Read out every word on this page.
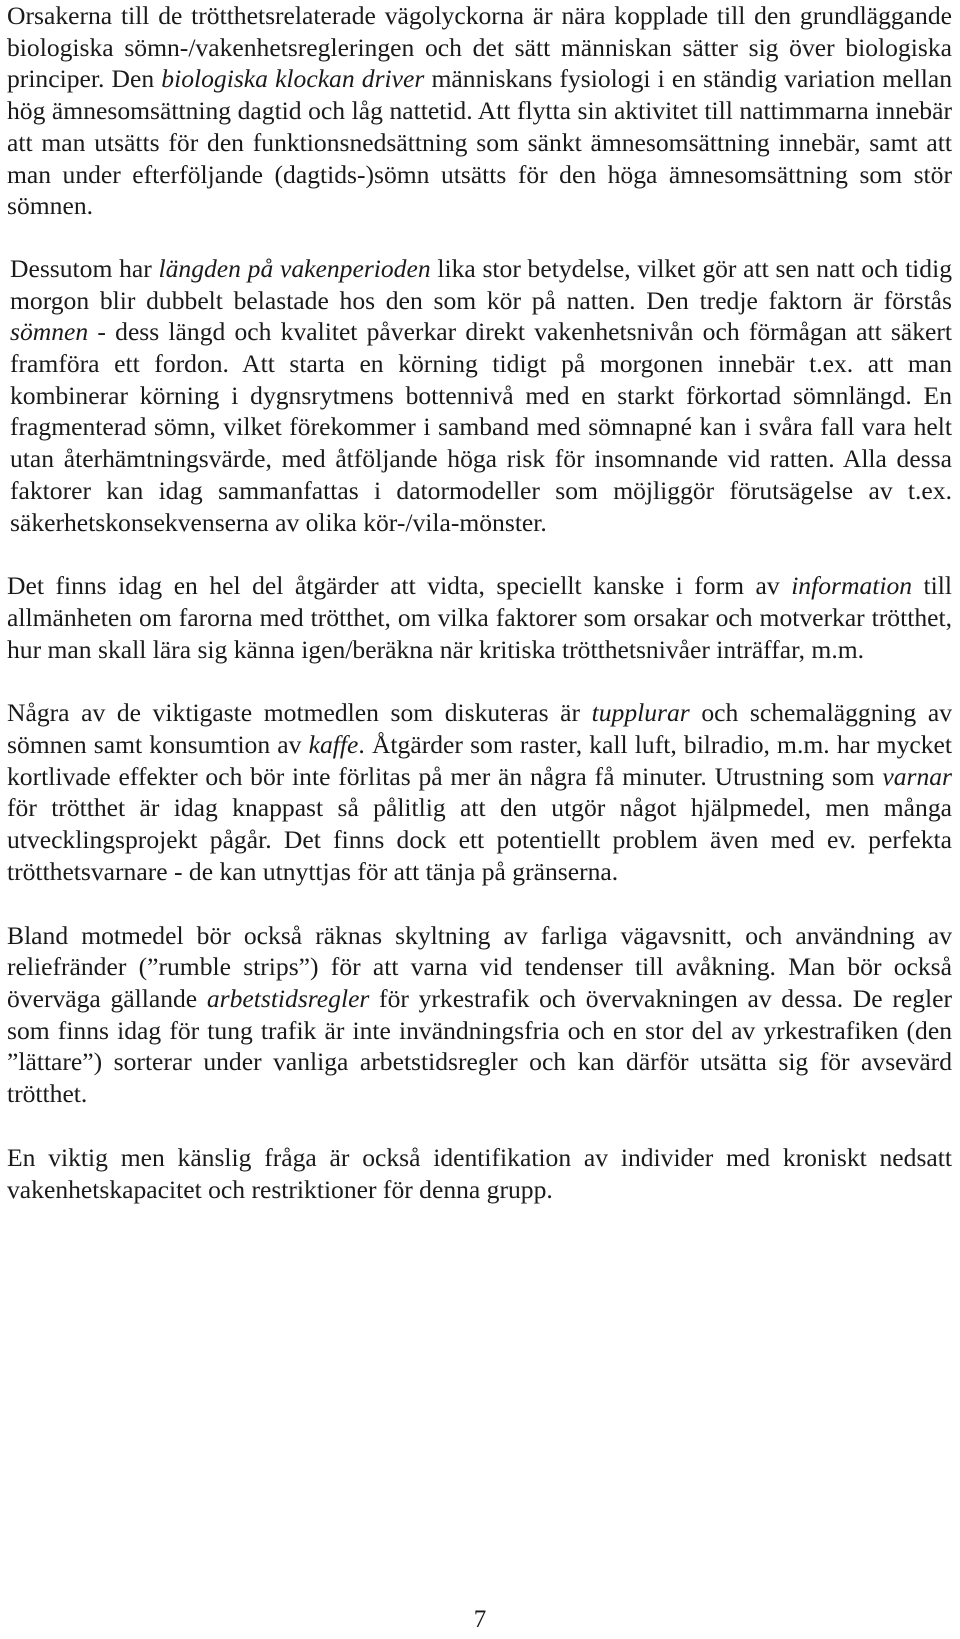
Orsakerna till de trötthetsrelaterade vägolyckorna är nära kopplade till den grundläggande biologiska sömn-/vakenhetsregleringen och det sätt människan sätter sig över biologiska principer. Den biologiska klockan driver människans fysiologi i en ständig variation mellan hög ämnesomsättning dagtid och låg nattetid. Att flytta sin aktivitet till nattimmarna innebär att man utsätts för den funktionsnedsättning som sänkt ämnesomsättning innebär, samt att man under efterföljande (dagtids-)sömn utsätts för den höga ämnesomsättning som stör sömnen.

Dessutom har längden på vakenperioden lika stor betydelse, vilket gör att sen natt och tidig morgon blir dubbelt belastade hos den som kör på natten. Den tredje faktorn är förstås sömnen - dess längd och kvalitet påverkar direkt vakenhetsnivån och förmågan att säkert framföra ett fordon. Att starta en körning tidigt på morgonen innebär t.ex. att man kombinerar körning i dygnsrytmens bottennivå med en starkt förkortad sömnlängd. En fragmenterad sömn, vilket förekommer i samband med sömnapné kan i svåra fall vara helt utan återhämtningsvärde, med åtföljande höga risk för insomnande vid ratten. Alla dessa faktorer kan idag sammanfattas i datormodeller som möjliggör förutsägelse av t.ex. säkerhetskonsekvenserna av olika kör-/vila-mönster.

Det finns idag en hel del åtgärder att vidta, speciellt kanske i form av information till allmänheten om farorna med trötthet, om vilka faktorer som orsakar och motverkar trötthet, hur man skall lära sig känna igen/beräkna när kritiska trötthetsnivåer inträffar, m.m.

Några av de viktigaste motmedlen som diskuteras är tupplurar och schemaläggning av sömnen samt konsumtion av kaffe. Åtgärder som raster, kall luft, bilradio, m.m. har mycket kortlivade effekter och bör inte förlitas på mer än några få minuter. Utrustning som varnar för trötthet är idag knappast så pålitlig att den utgör något hjälpmedel, men många utvecklingsprojekt pågår. Det finns dock ett potentiellt problem även med ev. perfekta trötthetsvarnare - de kan utnyttjas för att tänja på gränserna.

Bland motmedel bör också räknas skyltning av farliga vägavsnitt, och användning av reliefränder (”rumble strips”) för att varna vid tendenser till avåkning. Man bör också överväga gällande arbetstidsregler för yrkestrafik och övervakningen av dessa. De regler som finns idag för tung trafik är inte invändningsfria och en stor del av yrkestrafiken (den ”lättare”) sorterar under vanliga arbetstidsregler och kan därför utsätta sig för avsevärd trötthet.

En viktig men känslig fråga är också identifikation av individer med kroniskt nedsatt vakenhetskapacitet och restriktioner för denna grupp.

7
